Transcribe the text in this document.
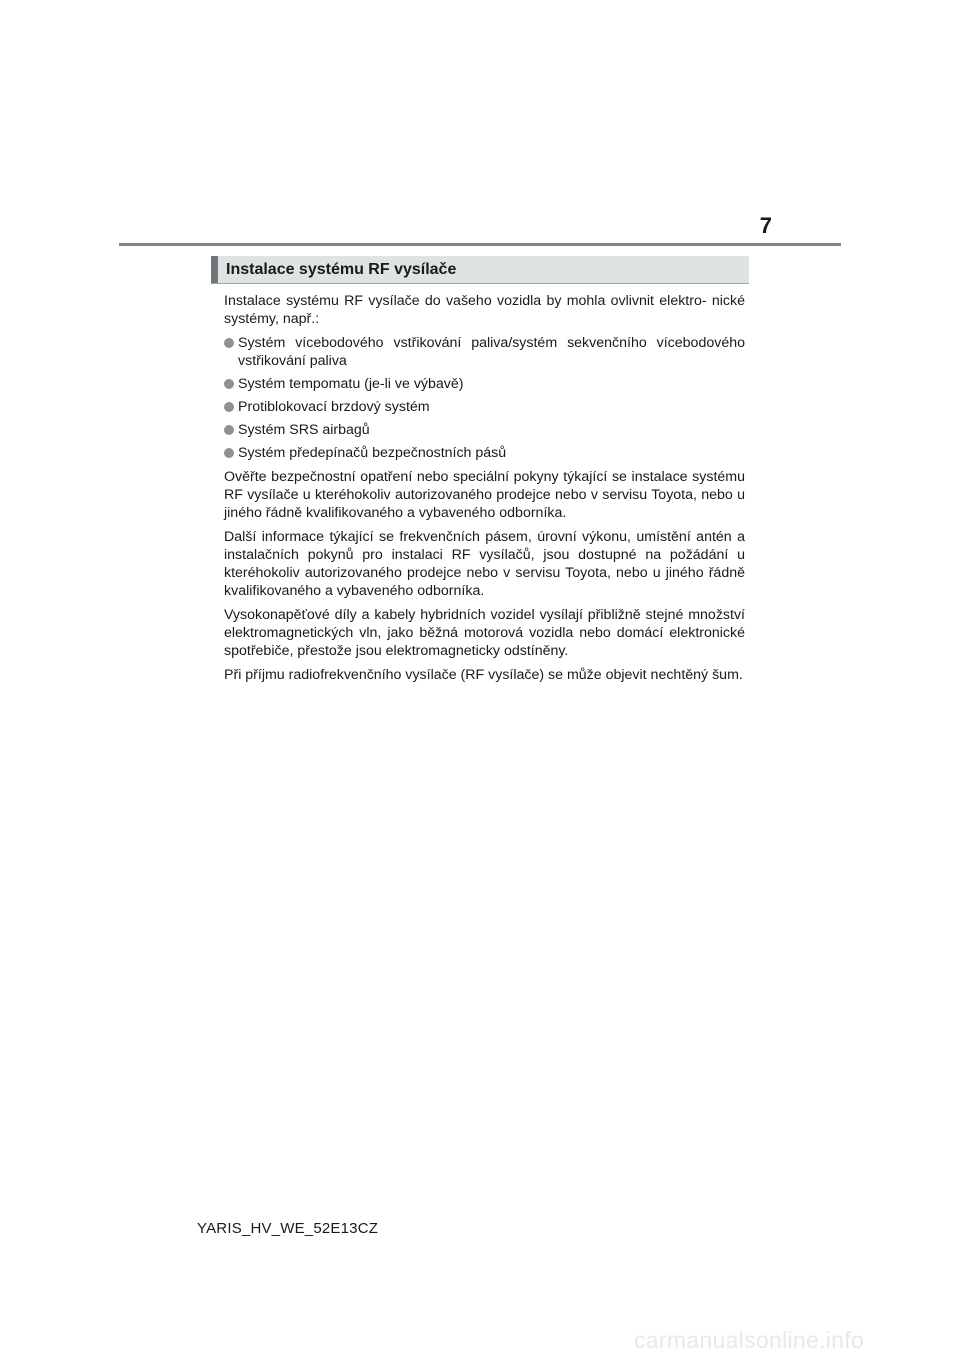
7
Instalace systému RF vysílače

Instalace systému RF vysílače do vašeho vozidla by mohla ovlivnit elektro- nické systémy, např.:

Systém vícebodového vstřikování paliva/systém sekvenčního vícebodového vstřikování paliva
Systém tempomatu (je-li ve výbavě)
Protiblokovací brzdový systém
Systém SRS airbagů
Systém předepínačů bezpečnostních pásů

Ověřte bezpečnostní opatření nebo speciální pokyny týkající se instalace systému RF vysílače u kteréhokoliv autorizovaného prodejce nebo v servisu Toyota, nebo u jiného řádně kvalifikovaného a vybaveného odborníka.

Další informace týkající se frekvenčních pásem, úrovní výkonu, umístění antén a instalačních pokynů pro instalaci RF vysílačů, jsou dostupné na požádání u kteréhokoliv autorizovaného prodejce nebo v servisu Toyota, nebo u jiného řádně kvalifikovaného a vybaveného odborníka.

Vysokonapěťové díly a kabely hybridních vozidel vysílají přibližně stejné množství elektromagnetických vln, jako běžná motorová vozidla nebo domácí elektronické spotřebiče, přestože jsou elektromagneticky odstíněny.

Při příjmu radiofrekvenčního vysílače (RF vysílače) se může objevit nechtěný šum.

YARIS_HV_WE_52E13CZ
carmanualsonline.info
